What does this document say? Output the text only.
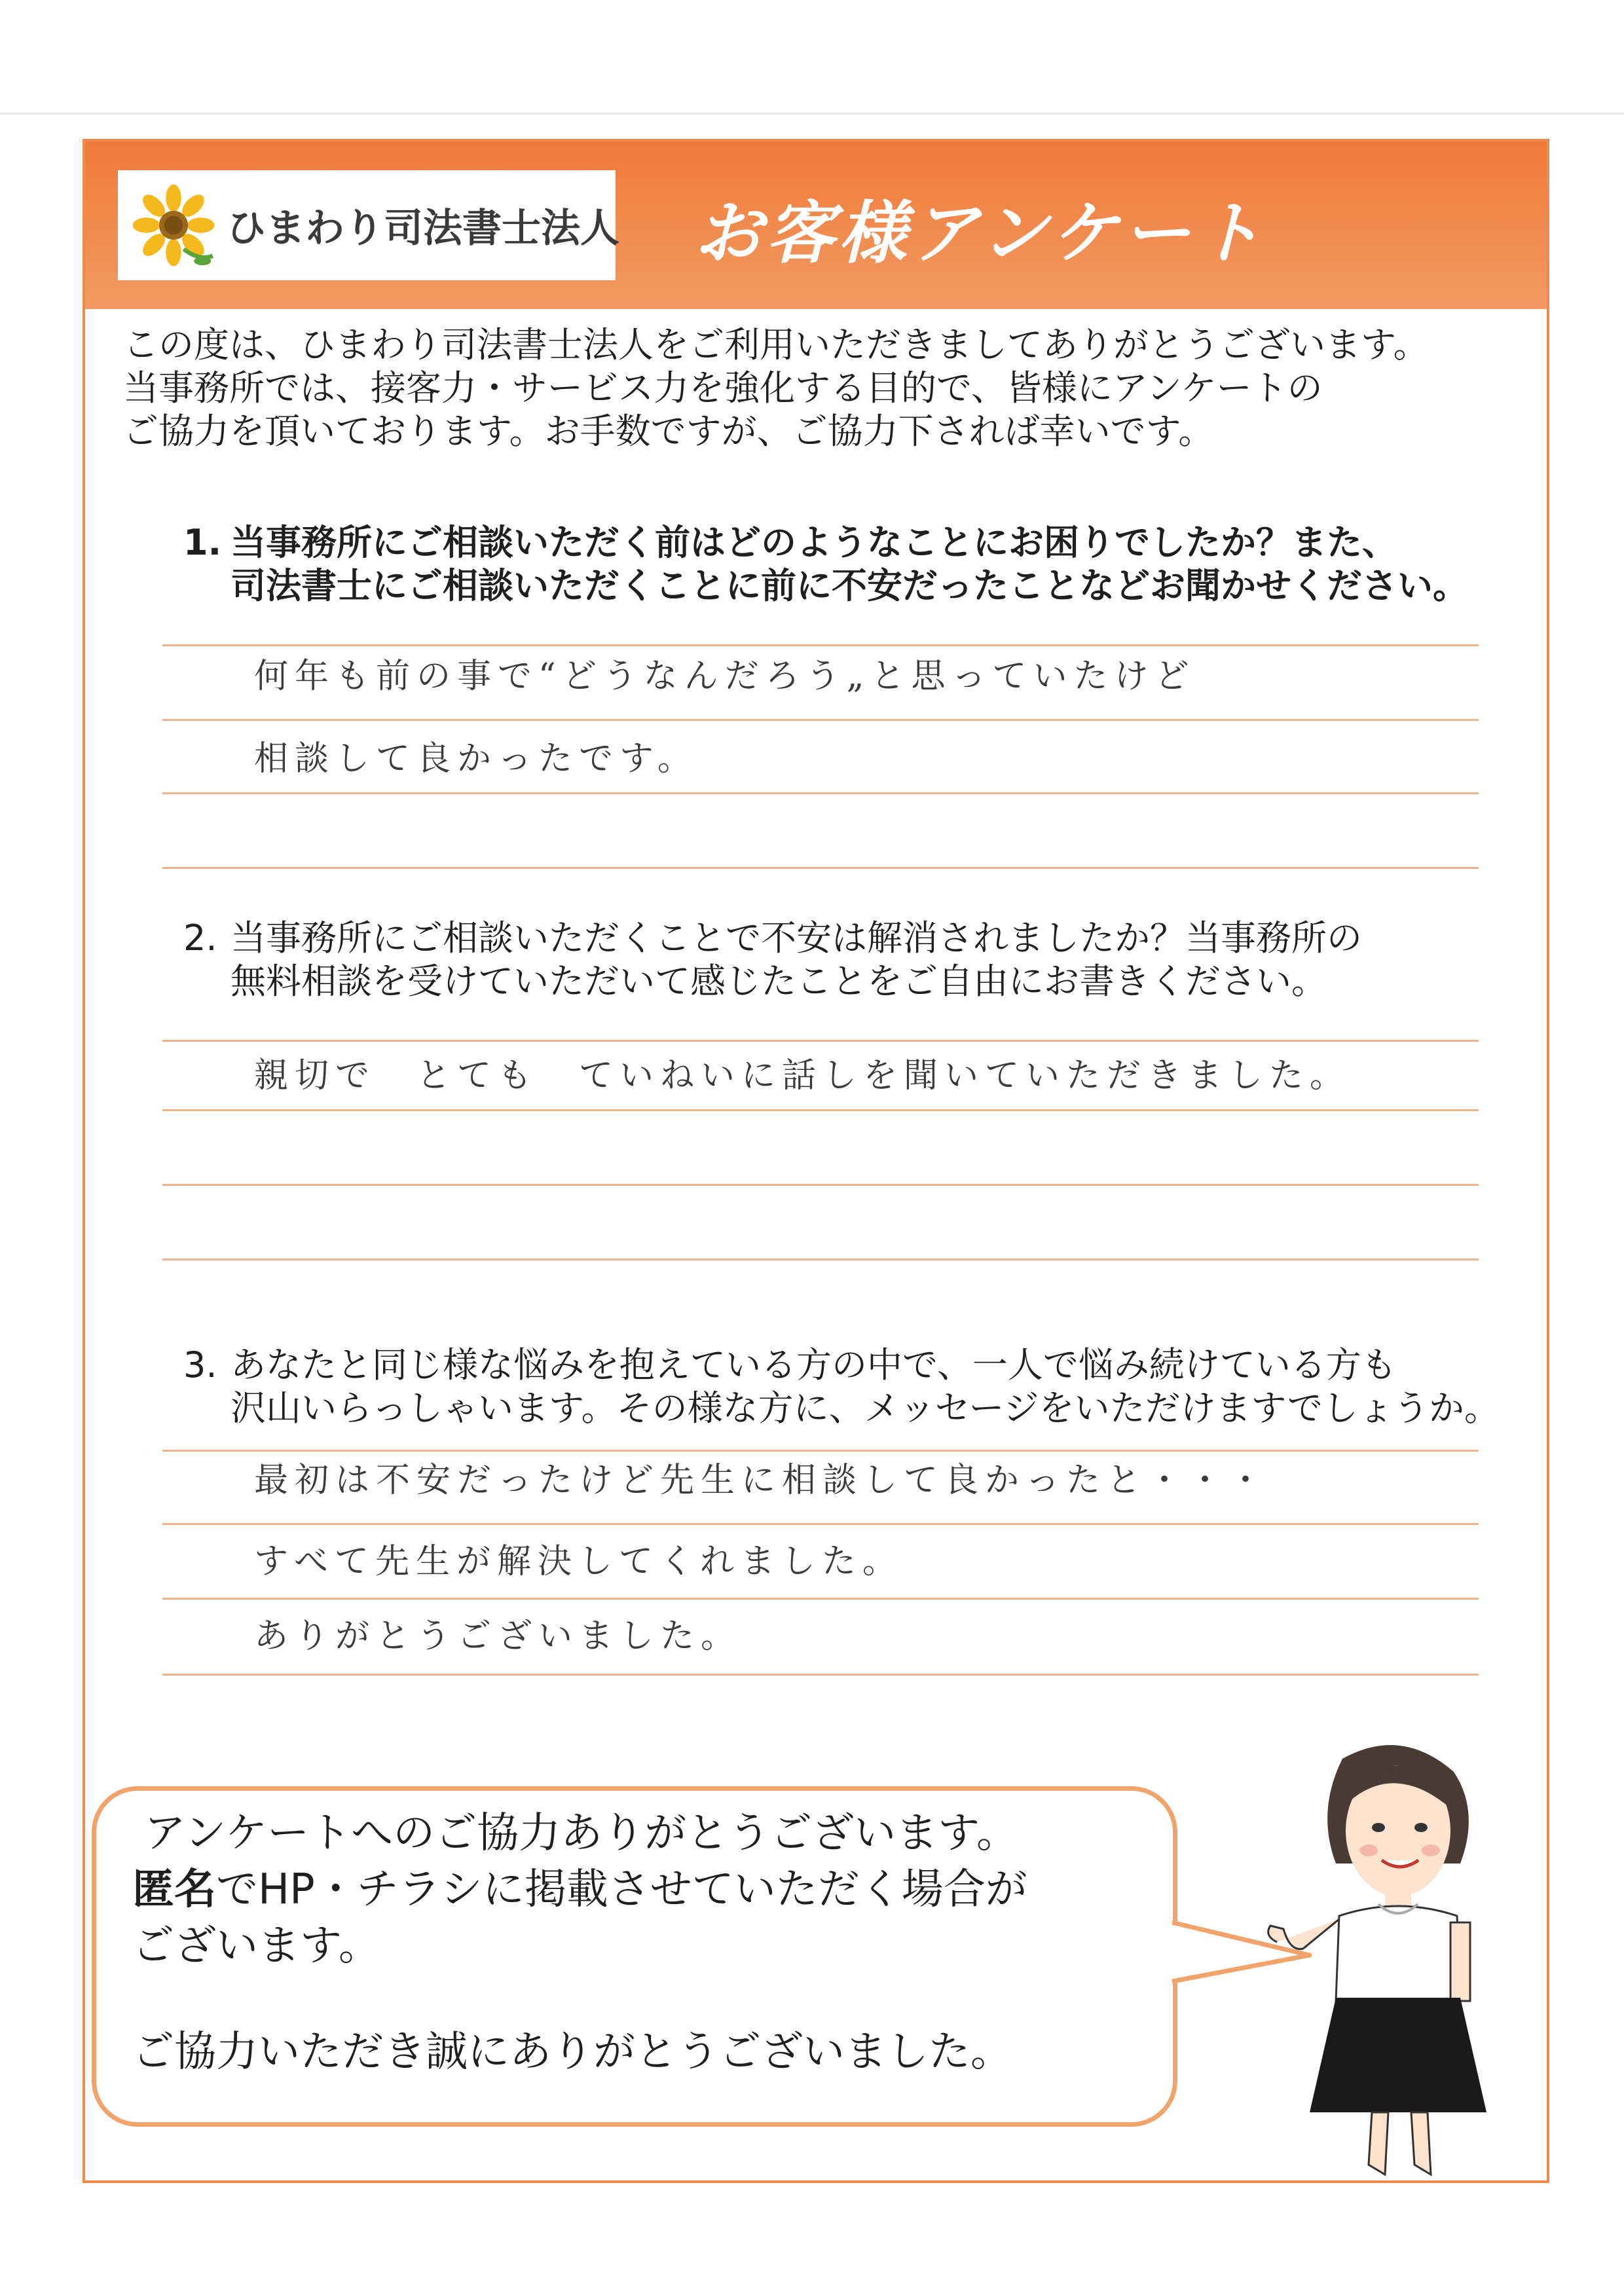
ひまわり司法書士法人 お客様アンケート

この度は、ひまわり司法書士法人をご利用いただきましてありがとうございます。

当事務所では、接客力・サービス力を強化する目的で、皆様にアンケートの

ご協力を頂いております。お手数ですが、ご協力下されば幸いです。

1. 当事務所にご相談いただく前はどのようなことにお困りでしたか？また、

司法書士にご相談いただくことに前に不安だったことなどお聞かせください。

何年も前の事で“どうなんだろう„と思っていたけど
相談して良かったです。

2. 当事務所にご相談いただくことで不安は解消されましたか？当事務所の

無料相談を受けていただいて感じたことをご自由にお書きください。

親切で　とても　ていねいに話しを聞いていただきました。

3. あなたと同じ様な悩みを抱えている方の中で、一人で悩み続けている方も

沢山いらっしゃいます。その様な方に、メッセージをいただけますでしょうか。

最初は不安だったけど先生に相談して良かったと・・・
すべて先生が解決してくれました。
ありがとうございました。
アンケートへのご協力ありがとうございます。
匿名でHP・チラシに掲載させていただく場合が
ございます。
ご協力いただき誠にありがとうございました。
